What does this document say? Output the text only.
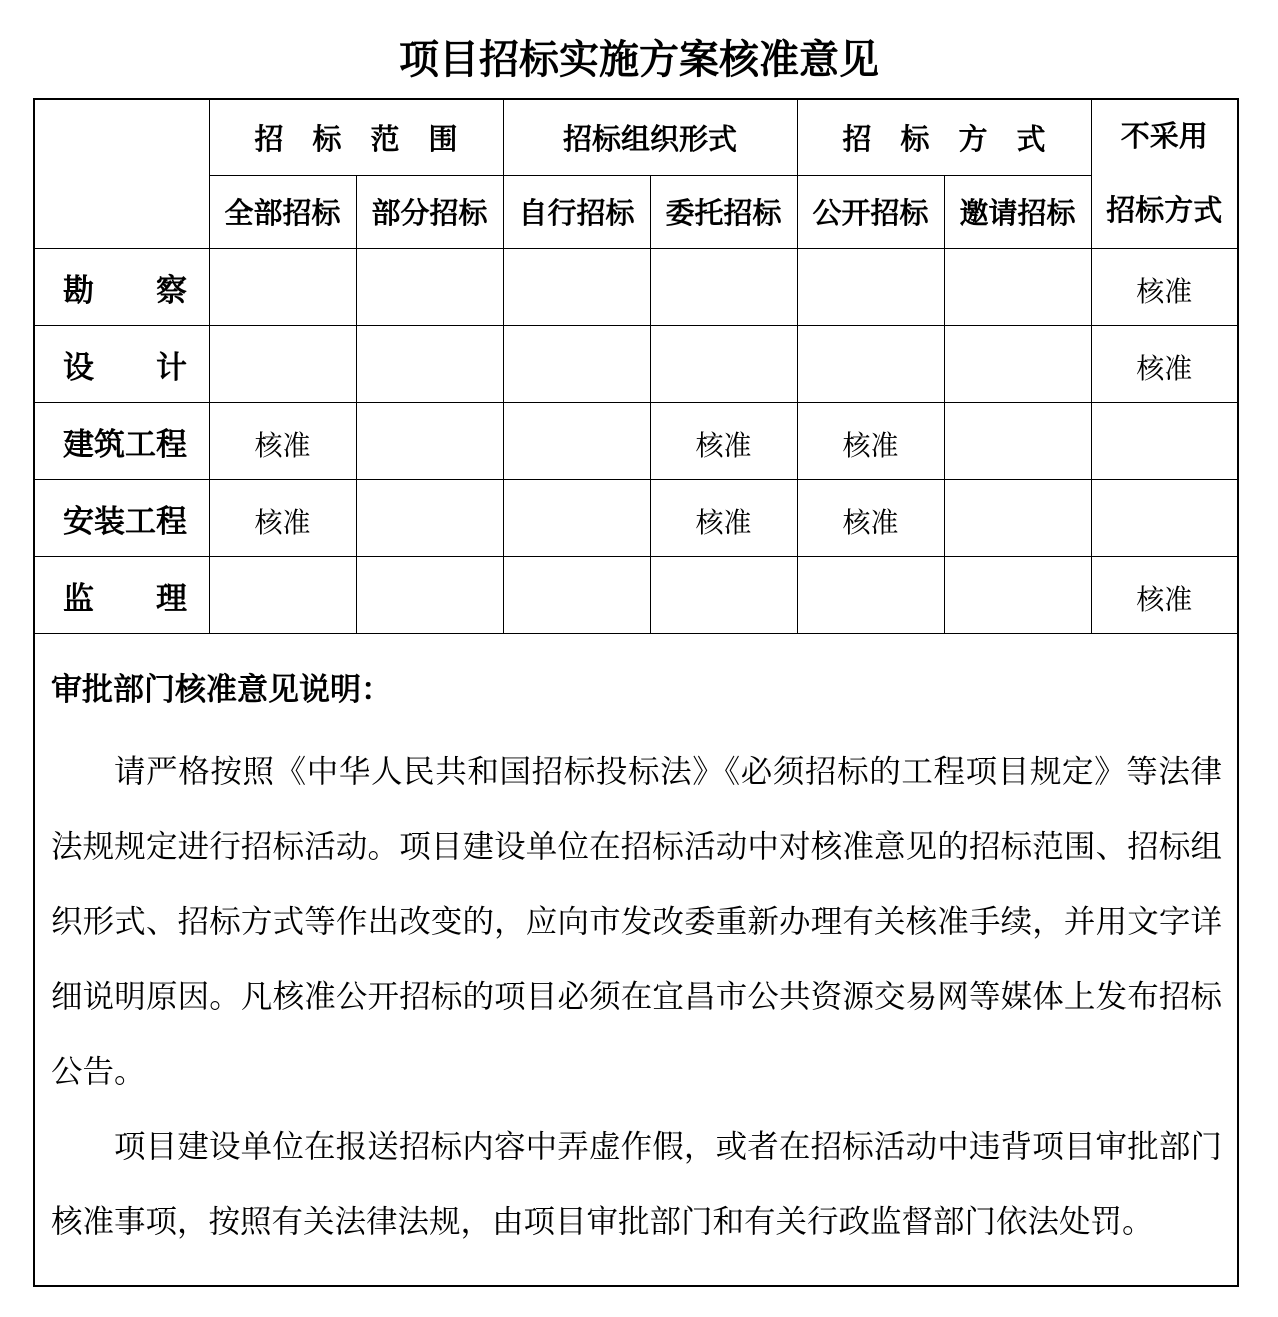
项目招标实施方案核准意见
	招　标　范　围		招标组织形式		招　标　方　式		不采用
招标方式

	全部招标	部分招标	自行招标	委托招标	公开招标	邀请招标	
勘　　察							核准
设　　计							核准
建筑工程	核准			核准	核准		
安装工程	核准			核准	核准		
监　　理							核准

审批部门核准意见说明：

请严格按照《中华人民共和国招标投标法》《必须招标的工程项目规定》等法律法规规定进行招标活动。项目建设单位在招标活动中对核准意见的招标范围、招标组织形式、招标方式等作出改变的，应向市发改委重新办理有关核准手续，并用文字详细说明原因。凡核准公开招标的项目必须在宜昌市公共资源交易网等媒体上发布招标公告。

项目建设单位在报送招标内容中弄虚作假，或者在招标活动中违背项目审批部门核准事项，按照有关法律法规，由项目审批部门和有关行政监督部门依法处罚。							
